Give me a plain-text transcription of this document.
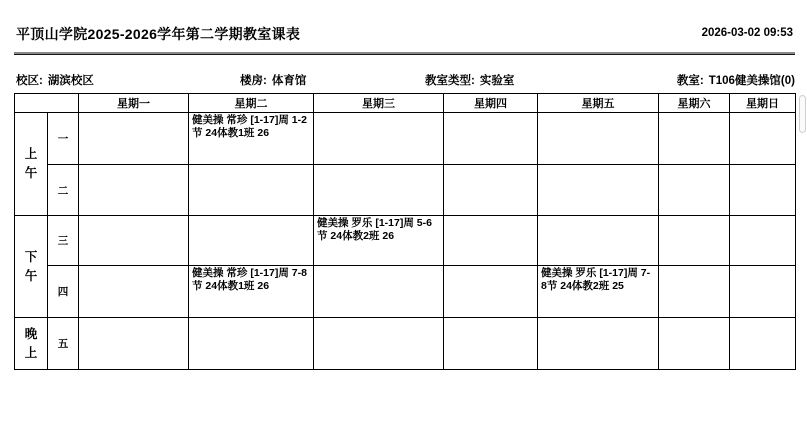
平顶山学院2025-2026学年第二学期教室课表	2026-03-02 09:53
校区: 湖滨校区	楼房: 体育馆	教室类型: 实验室	教室: T106健美操馆(0)
		星期一	星期二	星期三	星期四	星期五	星期六	星期日
上午	一		健美操 常珍 [1-17]周 1-2节 24体教1班 26					
	二							
下午	三			健美操 罗乐 [1-17]周 5-6节 24体教2班 26				
	四		健美操 常珍 [1-17]周 7-8节 24体教1班 26			健美操 罗乐 [1-17]周 7-8节 24体教2班 25		
晚上	五							
